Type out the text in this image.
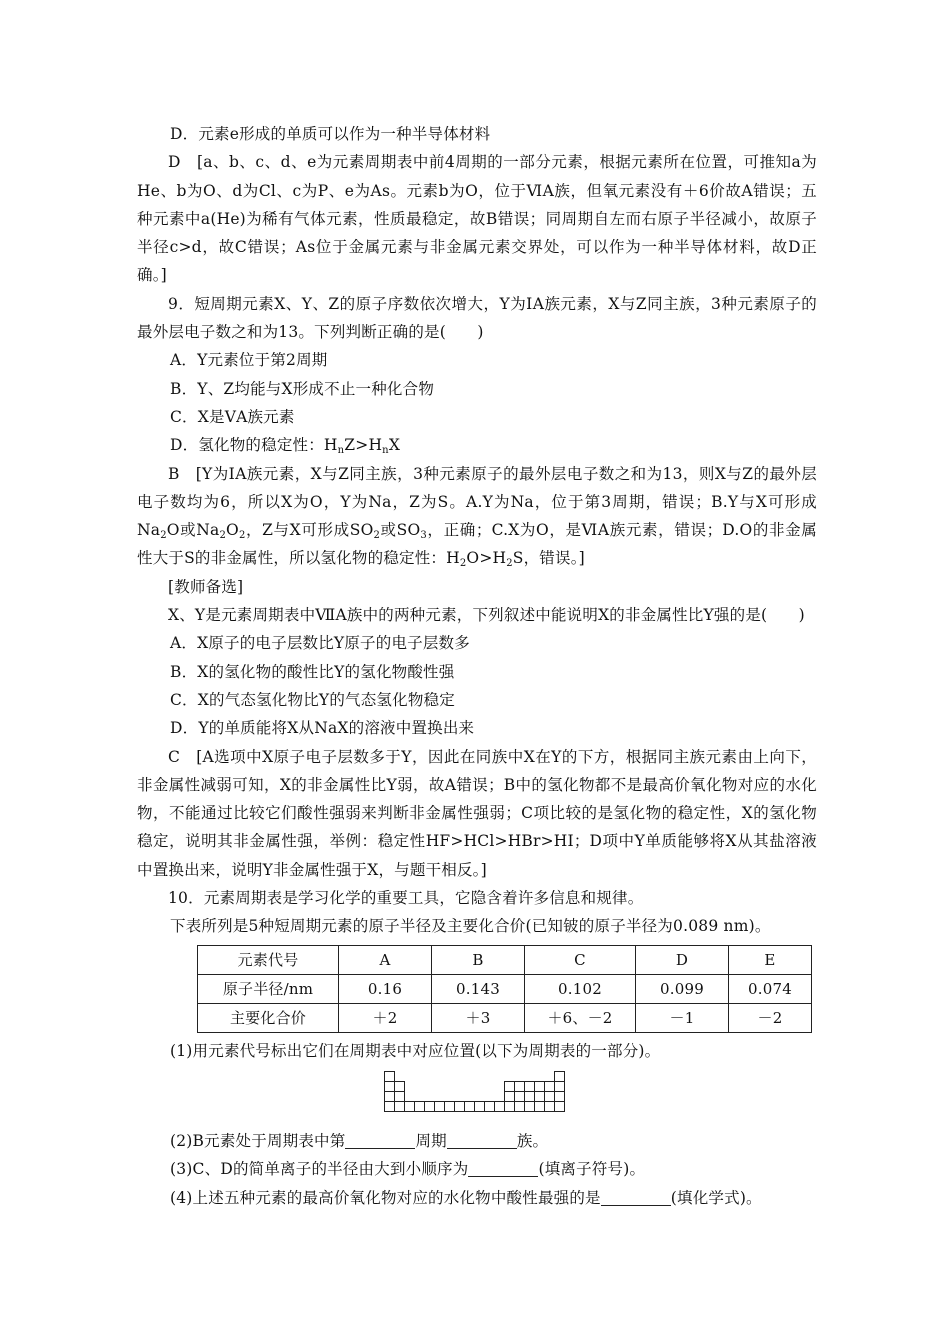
D．元素e形成的单质可以作为一种半导体材料

D　[a、b、c、d、e为元素周期表中前4周期的一部分元素，根据元素所在位置，可推知a为He、b为O、d为Cl、c为P、e为As。元素b为O，位于ⅥA族，但氧元素没有＋6价故A错误；五种元素中a(He)为稀有气体元素，性质最稳定，故B错误；同周期自左而右原子半径减小，故原子半径c>d，故C错误；As位于金属元素与非金属元素交界处，可以作为一种半导体材料，故D正确。]

9．短周期元素X、Y、Z的原子序数依次增大，Y为ⅠA族元素，X与Z同主族，3种元素原子的最外层电子数之和为13。下列判断正确的是(　　)

A．Y元素位于第2周期

B．Y、Z均能与X形成不止一种化合物

C．X是ⅤA族元素

D．氢化物的稳定性：$H_nZ>H_nX$

B　[Y为ⅠA族元素，X与Z同主族，3种元素原子的最外层电子数之和为13，则X与Z的最外层电子数均为6，所以X为O，Y为Na，Z为S。A.Y为Na，位于第3周期，错误；B.Y与X可形成$Na_2O$或$Na_2O_2$，Z与X可形成$SO_2$或$SO_3$，正确；C.X为O，是ⅥA族元素，错误；D.O的非金属性大于S的非金属性，所以氢化物的稳定性：$H_2O>H_2S$，错误。]

[教师备选]

X、Y是元素周期表中ⅦA族中的两种元素，下列叙述中能说明X的非金属性比Y强的是(　　)

A．X原子的电子层数比Y原子的电子层数多

B．X的氢化物的酸性比Y的氢化物酸性强

C．X的气态氢化物比Y的气态氢化物稳定

D．Y的单质能将X从NaX的溶液中置换出来

C　[A选项中X原子电子层数多于Y，因此在同族中X在Y的下方，根据同主族元素由上向下，非金属性减弱可知，X的非金属性比Y弱，故A错误；B中的氢化物都不是最高价氧化物对应的水化物，不能通过比较它们酸性强弱来判断非金属性强弱；C项比较的是氢化物的稳定性，X的氢化物稳定，说明其非金属性强，举例：稳定性HF>HCl>HBr>HI；D项中Y单质能够将X从其盐溶液中置换出来，说明Y非金属性强于X，与题干相反。]

10．元素周期表是学习化学的重要工具，它隐含着许多信息和规律。

下表所列是5种短周期元素的原子半径及主要化合价(已知铍的原子半径为0.089 nm)。

元素代号	A	B	C	D	E
原子半径/nm	0.16	0.143	0.102	0.099	0.074
主要化合价	＋2	＋3	＋6、－2	－1	－2

(1)用元素代号标出它们在周期表中对应位置(以下为周期表的一部分)。

(2)B元素处于周期表中第	周期	族。

(3)C、D的简单离子的半径由大到小顺序为	(填离子符号)。

(4)上述五种元素的最高价氧化物对应的水化物中酸性最强的是	(填化学式)。
